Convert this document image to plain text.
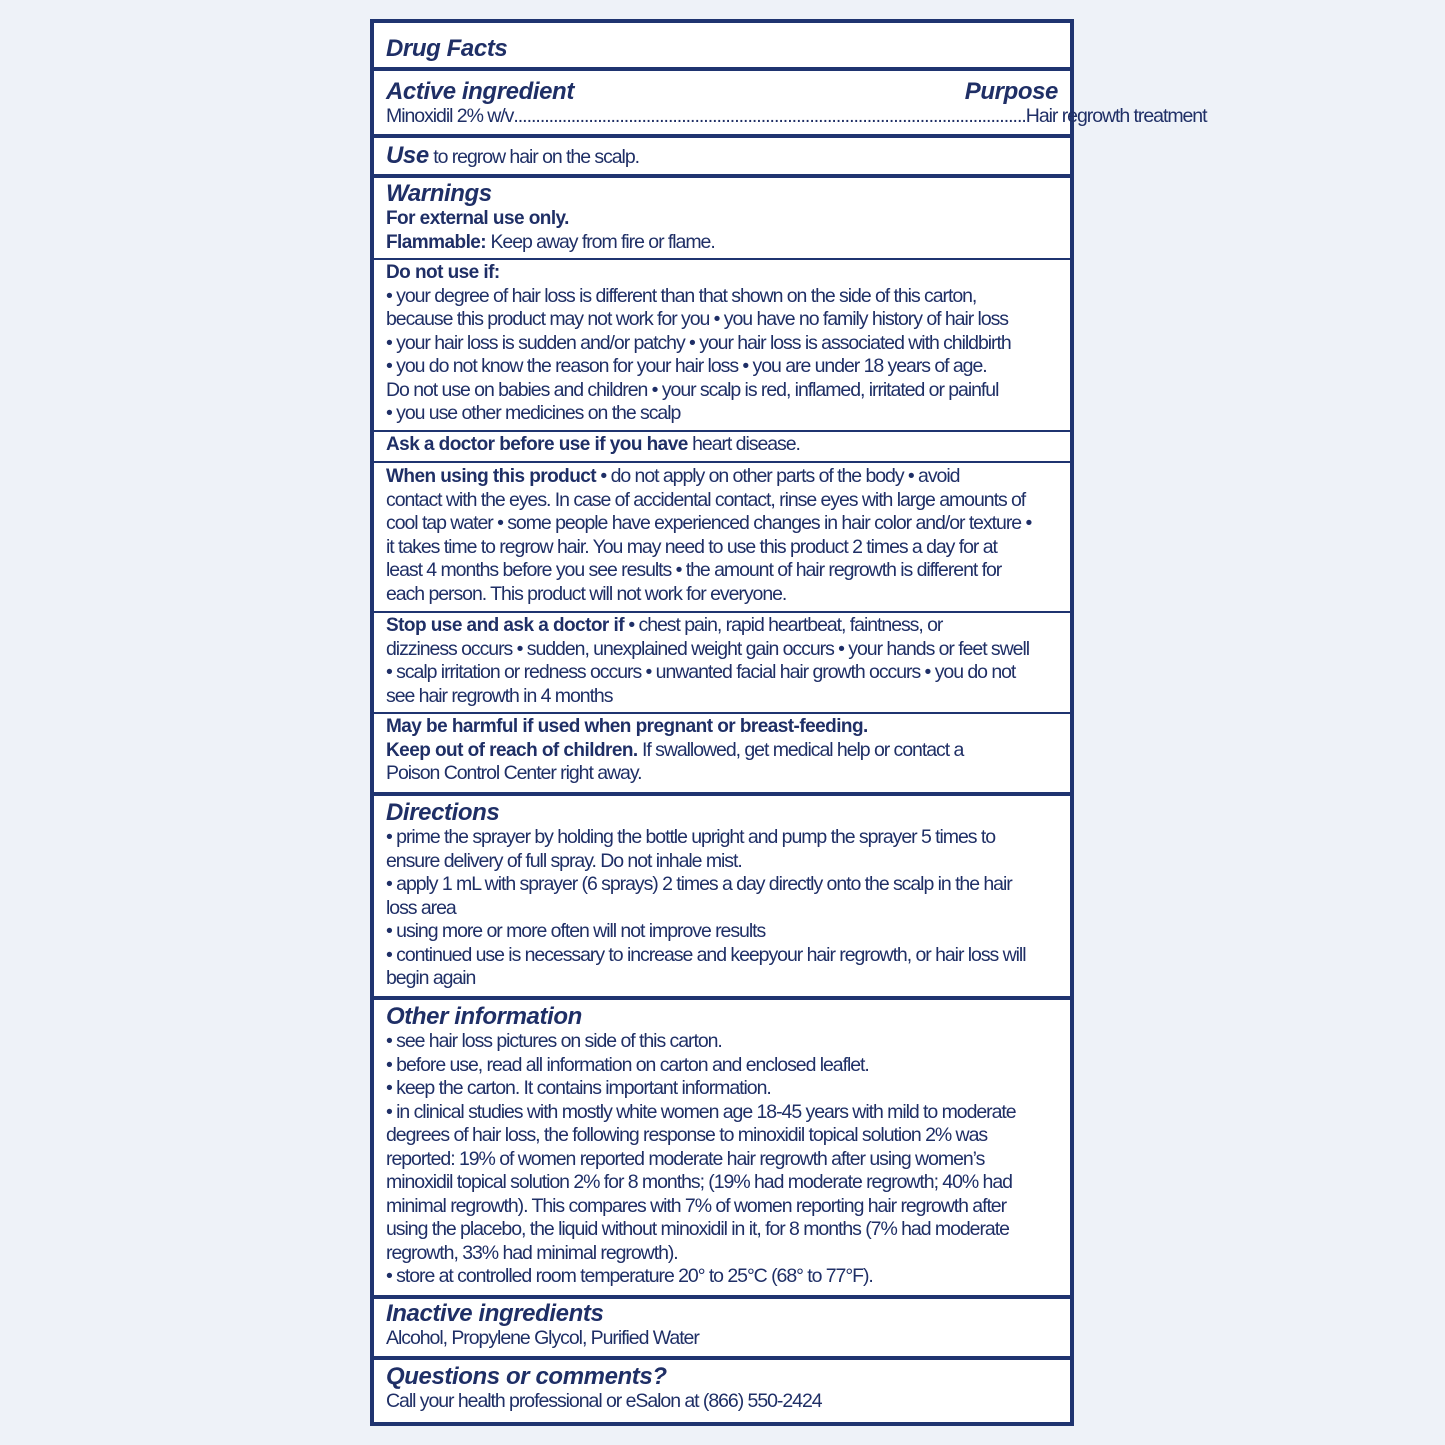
Drug Facts
Active ingredient	Purpose
Minoxidil 2% w/v .................................................................................................................... Hair regrowth treatment
Use to regrow hair on the scalp.
Warnings
For external use only.
Flammable: Keep away from fire or flame.
Do not use if:
• your degree of hair loss is different than that shown on the side of this carton,
because this product may not work for you • you have no family history of hair loss
• your hair loss is sudden and/or patchy • your hair loss is associated with childbirth
• you do not know the reason for your hair loss • you are under 18 years of age.
Do not use on babies and children • your scalp is red, inflamed, irritated or painful
• you use other medicines on the scalp
Ask a doctor before use if you have heart disease.
When using this product • do not apply on other parts of the body • avoid
contact with the eyes. In case of accidental contact, rinse eyes with large amounts of
cool tap water • some people have experienced changes in hair color and/or texture •
it takes time to regrow hair. You may need to use this product 2 times a day for at
least 4 months before you see results • the amount of hair regrowth is different for
each person. This product will not work for everyone.
Stop use and ask a doctor if • chest pain, rapid heartbeat, faintness, or
dizziness occurs • sudden, unexplained weight gain occurs • your hands or feet swell
• scalp irritation or redness occurs • unwanted facial hair growth occurs • you do not
see hair regrowth in 4 months
May be harmful if used when pregnant or breast-feeding.
Keep out of reach of children. If swallowed, get medical help or contact a
Poison Control Center right away.
Directions
• prime the sprayer by holding the bottle upright and pump the sprayer 5 times to
ensure delivery of full spray. Do not inhale mist.
• apply 1 mL with sprayer (6 sprays) 2 times a day directly onto the scalp in the hair
loss area
• using more or more often will not improve results
• continued use is necessary to increase and keepyour hair regrowth, or hair loss will
begin again
Other information
• see hair loss pictures on side of this carton.
• before use, read all information on carton and enclosed leaflet.
• keep the carton. It contains important information.
• in clinical studies with mostly white women age 18-45 years with mild to moderate
degrees of hair loss, the following response to minoxidil topical solution 2% was
reported: 19% of women reported moderate hair regrowth after using women’s
minoxidil topical solution 2% for 8 months; (19% had moderate regrowth; 40% had
minimal regrowth). This compares with 7% of women reporting hair regrowth after
using the placebo, the liquid without minoxidil in it, for 8 months (7% had moderate
regrowth, 33% had minimal regrowth).
• store at controlled room temperature 20° to 25°C (68° to 77°F).
Inactive ingredients
Alcohol, Propylene Glycol, Purified Water
Questions or comments?
Call your health professional or eSalon at (866) 550-2424
